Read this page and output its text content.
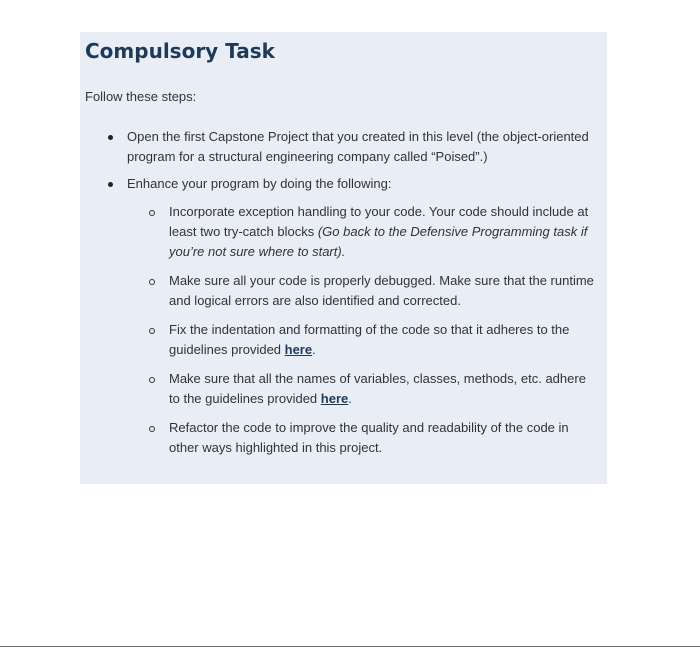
Compulsory Task

Follow these steps:

Open the first Capstone Project that you created in this level (the object-oriented program for a structural engineering company called “Poised”.)
Enhance your program by doing the following:
Incorporate exception handling to your code. Your code should include at least two try-catch blocks (Go back to the Defensive Programming task if you’re not sure where to start).
Make sure all your code is properly debugged. Make sure that the runtime and logical errors are also identified and corrected.
Fix the indentation and formatting of the code so that it adheres to the guidelines provided here.
Make sure that all the names of variables, classes, methods, etc. adhere to the guidelines provided here.
Refactor the code to improve the quality and readability of the code in other ways highlighted in this project.
